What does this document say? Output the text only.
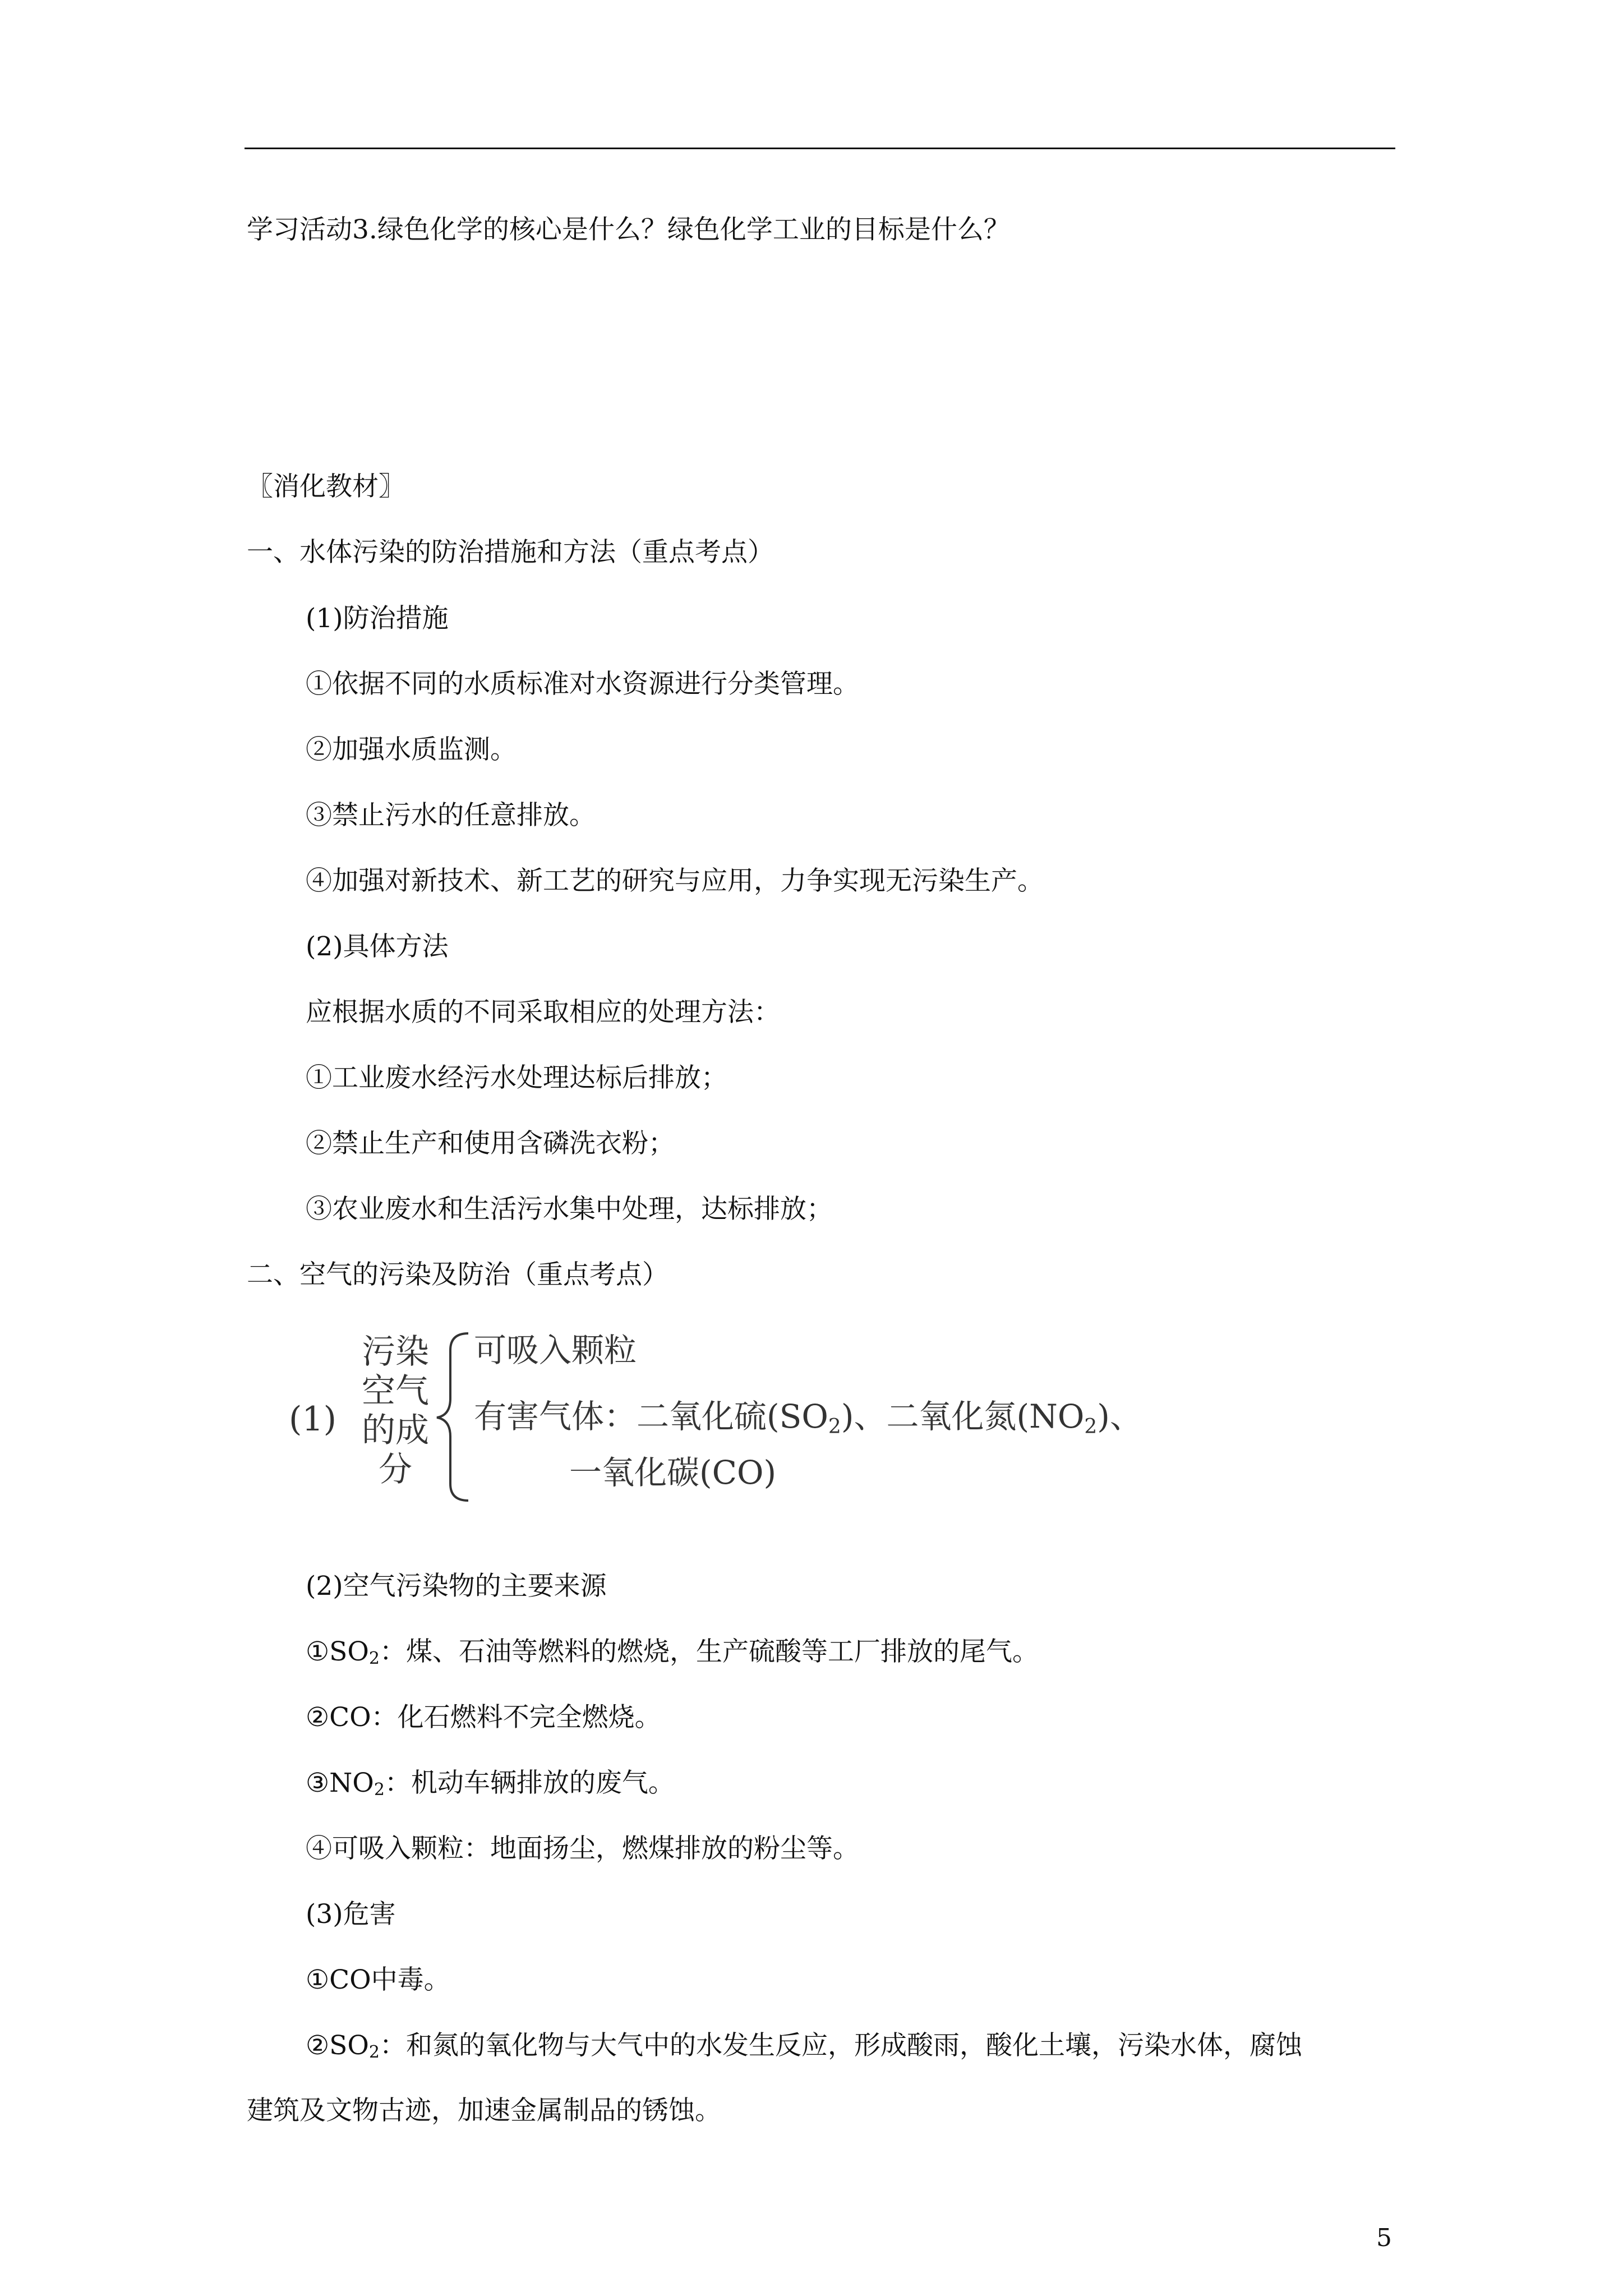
学习活动3.绿色化学的核心是什么？绿色化学工业的目标是什么？
〖消化教材〗
一、水体污染的防治措施和方法（重点考点）
(1)防治措施
①依据不同的水质标准对水资源进行分类管理。
②加强水质监测。
③禁止污水的任意排放。
④加强对新技术、新工艺的研究与应用，力争实现无污染生产。
(2)具体方法
应根据水质的不同采取相应的处理方法：
①工业废水经污水处理达标后排放；
②禁止生产和使用含磷洗衣粉；
③农业废水和生活污水集中处理，达标排放；
二、空气的污染及防治（重点考点）
(1)
污染
空气
的成
分
可吸入颗粒
有害气体：二氧化硫(SO2)、二氧化氮(NO2)、
一氧化碳(CO)
(2)空气污染物的主要来源
$①SO_2$：煤、石油等燃料的燃烧，生产硫酸等工厂排放的尾气。
②CO：化石燃料不完全燃烧。
$③NO_2$：机动车辆排放的废气。
④可吸入颗粒：地面扬尘，燃煤排放的粉尘等。
(3)危害
①CO中毒。
$②SO_2$：和氮的氧化物与大气中的水发生反应，形成酸雨，酸化土壤，污染水体，腐蚀
建筑及文物古迹，加速金属制品的锈蚀。
5
